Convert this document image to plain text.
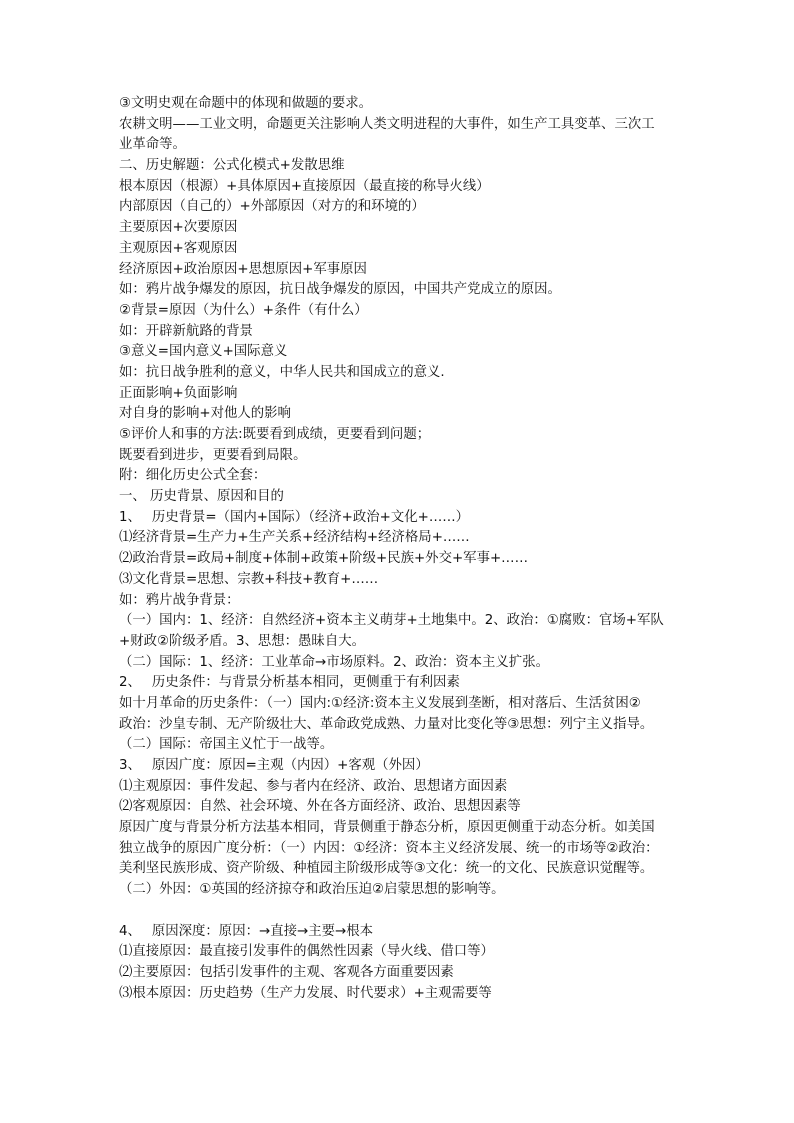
③文明史观在命题中的体现和做题的要求。
农耕文明——工业文明，命题更关注影响人类文明进程的大事件，如生产工具变革、三次工
业革命等。
二、历史解题：公式化模式+发散思维
根本原因（根源）+具体原因+直接原因（最直接的称导火线）
内部原因（自己的）+外部原因（对方的和环境的）
主要原因+次要原因
主观原因+客观原因
经济原因+政治原因+思想原因+军事原因
如：鸦片战争爆发的原因，抗日战争爆发的原因，中国共产党成立的原因。
②背景=原因（为什么）+条件（有什么）
如：开辟新航路的背景
③意义=国内意义+国际意义
如：抗日战争胜利的意义，中华人民共和国成立的意义.
正面影响+负面影响
对自身的影响+对他人的影响
⑤评价人和事的方法:既要看到成绩，更要看到问题；
既要看到进步，更要看到局限。
附：细化历史公式全套：
一、 历史背景、原因和目的
1、　 历史背景=（国内+国际）（经济+政治+文化+……）
⑴经济背景=生产力+生产关系+经济结构+经济格局+……
⑵政治背景=政局+制度+体制+政策+阶级+民族+外交+军事+……
⑶文化背景=思想、宗教+科技+教育+……
如：鸦片战争背景：
（一）国内：1、经济：自然经济+资本主义萌芽+土地集中。2、政治：①腐败：官场+军队
+财政②阶级矛盾。3、思想：愚昧自大。
（二）国际：1、经济：工业革命→市场原料。2、政治：资本主义扩张。
2、　 历史条件：与背景分析基本相同，更侧重于有利因素
如十月革命的历史条件：（一）国内:①经济:资本主义发展到垄断，相对落后、生活贫困②
政治：沙皇专制、无产阶级壮大、革命政党成熟、力量对比变化等③思想：列宁主义指导。
（二）国际：帝国主义忙于一战等。
3、　 原因广度：原因=主观（内因）+客观（外因）
⑴主观原因：事件发起、参与者内在经济、政治、思想诸方面因素
⑵客观原因：自然、社会环境、外在各方面经济、政治、思想因素等
原因广度与背景分析方法基本相同，背景侧重于静态分析，原因更侧重于动态分析。如美国
独立战争的原因广度分析：（一）内因：①经济：资本主义经济发展、统一的市场等②政治：
美利坚民族形成、资产阶级、种植园主阶级形成等③文化：统一的文化、民族意识觉醒等。
（二）外因：①英国的经济掠夺和政治压迫②启蒙思想的影响等。
4、　 原因深度：原因：→直接→主要→根本
⑴直接原因：最直接引发事件的偶然性因素（导火线、借口等）
⑵主要原因：包括引发事件的主观、客观各方面重要因素
⑶根本原因：历史趋势（生产力发展、时代要求）+主观需要等
